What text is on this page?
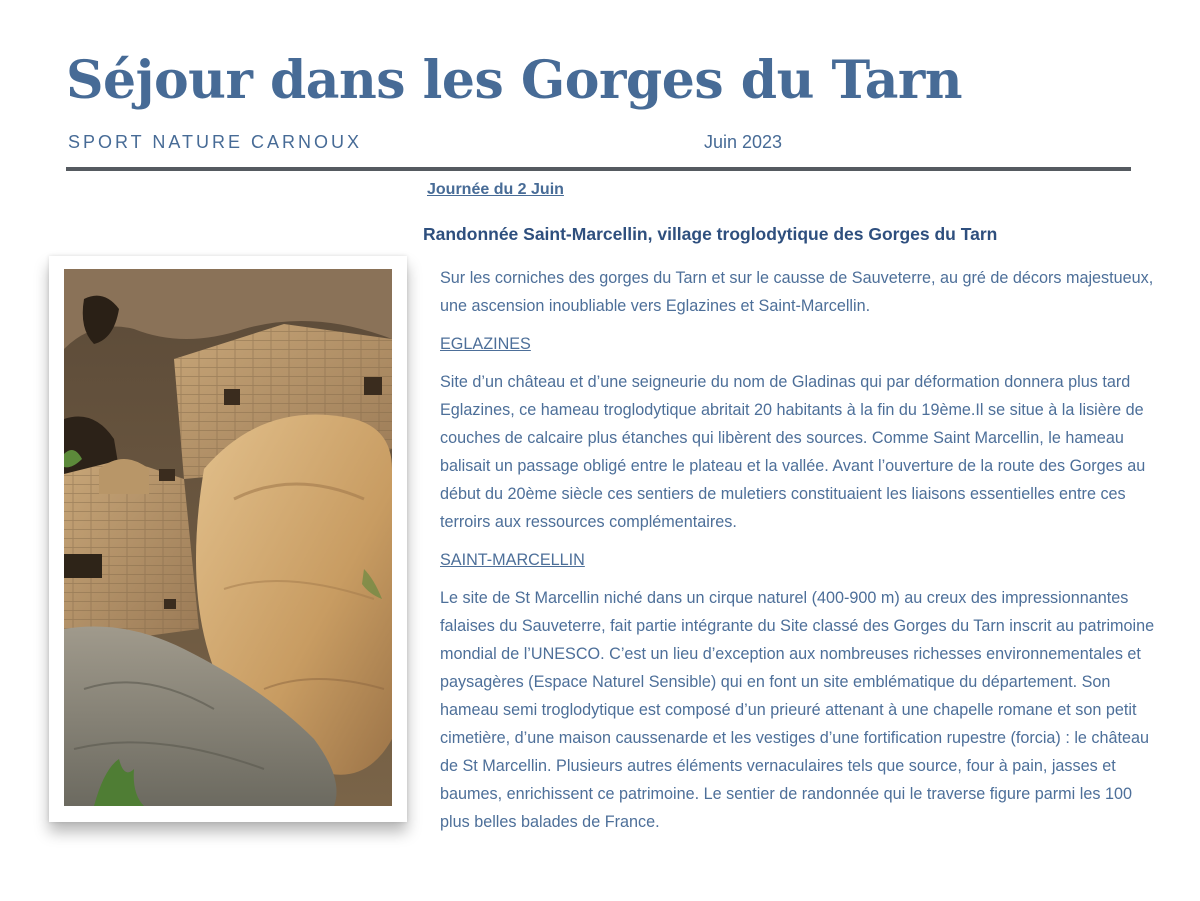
Séjour dans les Gorges du Tarn
SPORT NATURE CARNOUX	Juin 2023
Journée du 2 Juin
Randonnée Saint-Marcellin, village troglodytique des Gorges du Tarn

Sur les corniches des gorges du Tarn et sur le causse de Sauveterre, au gré de décors majestueux, une ascension inoubliable vers Eglazines et Saint-Marcellin.

EGLAZINES

Site d’un château et d’une seigneurie du nom de Gladinas qui par déformation donnera plus tard Eglazines, ce hameau troglodytique abritait 20 habitants à la fin du 19ème.Il se situe à la lisière de couches de calcaire plus étanches qui libèrent des sources. Comme Saint Marcellin, le hameau balisait un passage obligé entre le plateau et la vallée. Avant l’ouverture de la route des Gorges au début du 20ème siècle ces sentiers de muletiers constituaient les liaisons essentielles entre ces terroirs aux ressources complémentaires.

SAINT-MARCELLIN

Le site de St Marcellin niché dans un cirque naturel (400-900 m) au creux des impressionnantes falaises du Sauveterre, fait partie intégrante du Site classé des Gorges du Tarn inscrit au patrimoine mondial de l’UNESCO. C’est un lieu d’exception aux nombreuses richesses environnementales et paysagères (Espace Naturel Sensible) qui en font un site emblématique du département. Son hameau semi troglodytique est composé d’un prieuré attenant à une chapelle romane et son petit cimetière, d’une maison caussenarde et les vestiges d’une fortification rupestre (forcia) : le château de St Marcellin. Plusieurs autres éléments vernaculaires tels que source, four à pain, jasses et baumes, enrichissent ce patrimoine. Le sentier de randonnée qui le traverse figure parmi les 100 plus belles balades de France.
